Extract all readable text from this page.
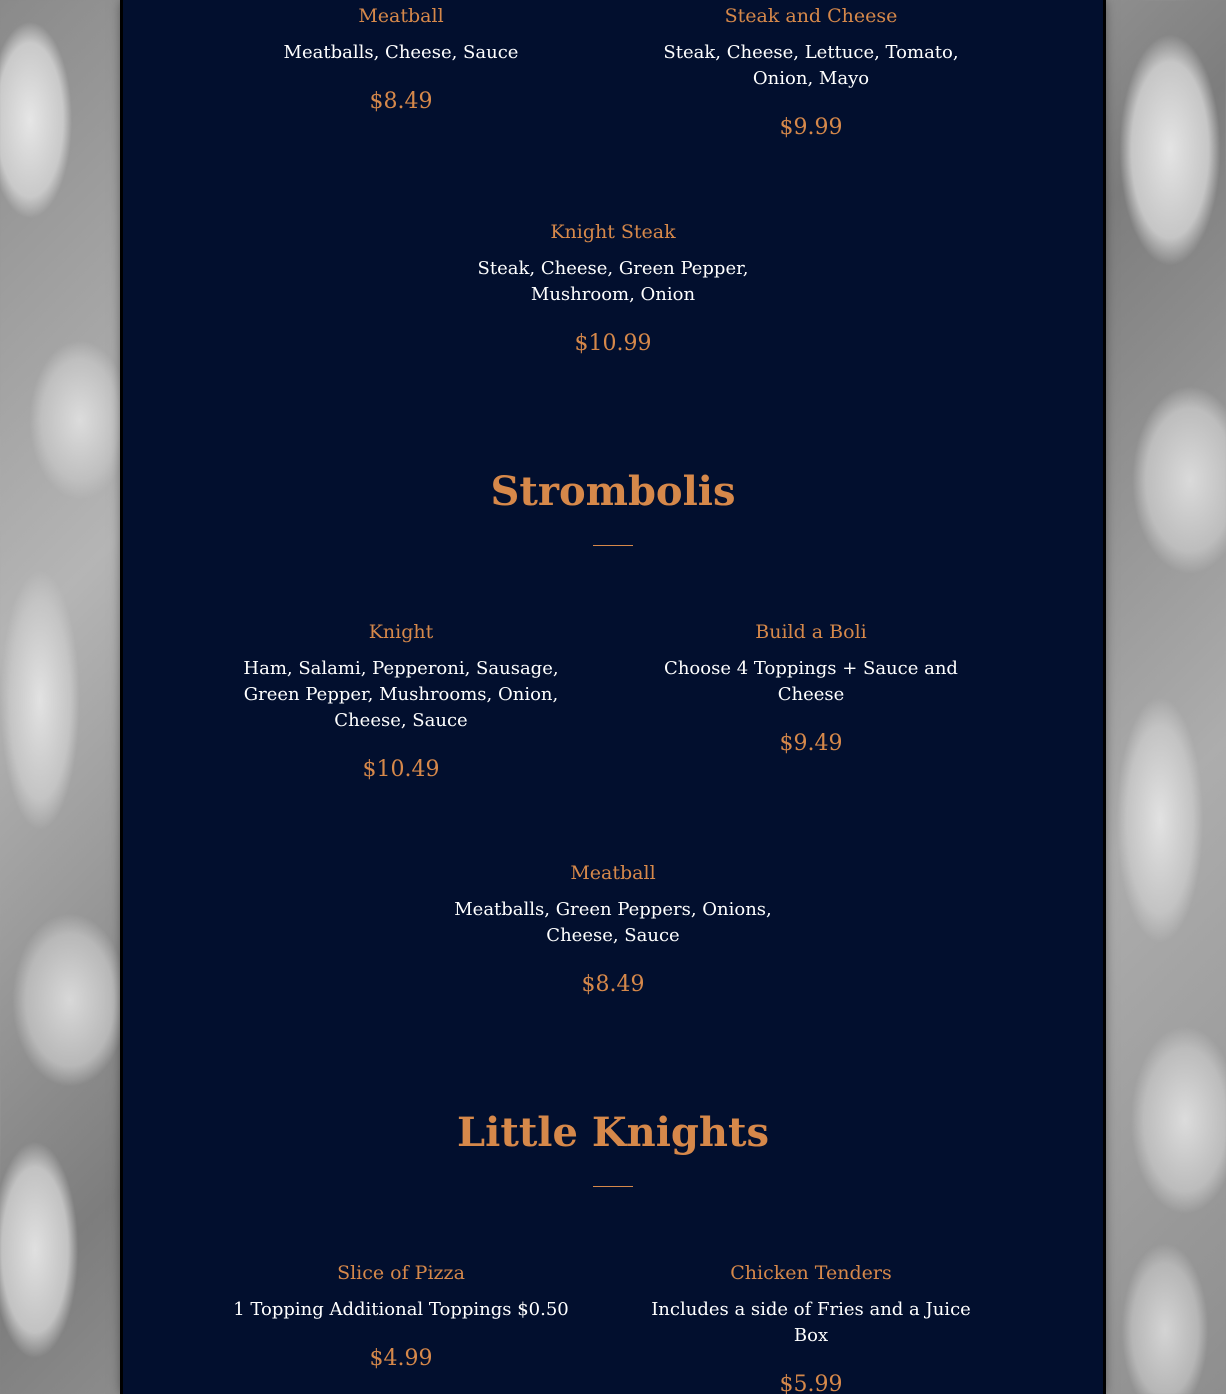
Meatball

Meatballs, Cheese, Sauce

$8.49

Steak and Cheese

Steak, Cheese, Lettuce, Tomato, Onion, Mayo

$9.99

Knight Steak

Steak, Cheese, Green Pepper, Mushroom, Onion

$10.99

Strombolis

Knight

Ham, Salami, Pepperoni, Sausage, Green Pepper, Mushrooms, Onion, Cheese, Sauce

$10.49

Build a Boli

Choose 4 Toppings + Sauce and Cheese

$9.49

Meatball

Meatballs, Green Peppers, Onions, Cheese, Sauce

$8.49

Little Knights

Slice of Pizza

1 Topping Additional Toppings $0.50

$4.99

Chicken Tenders

Includes a side of Fries and a Juice Box

$5.99
